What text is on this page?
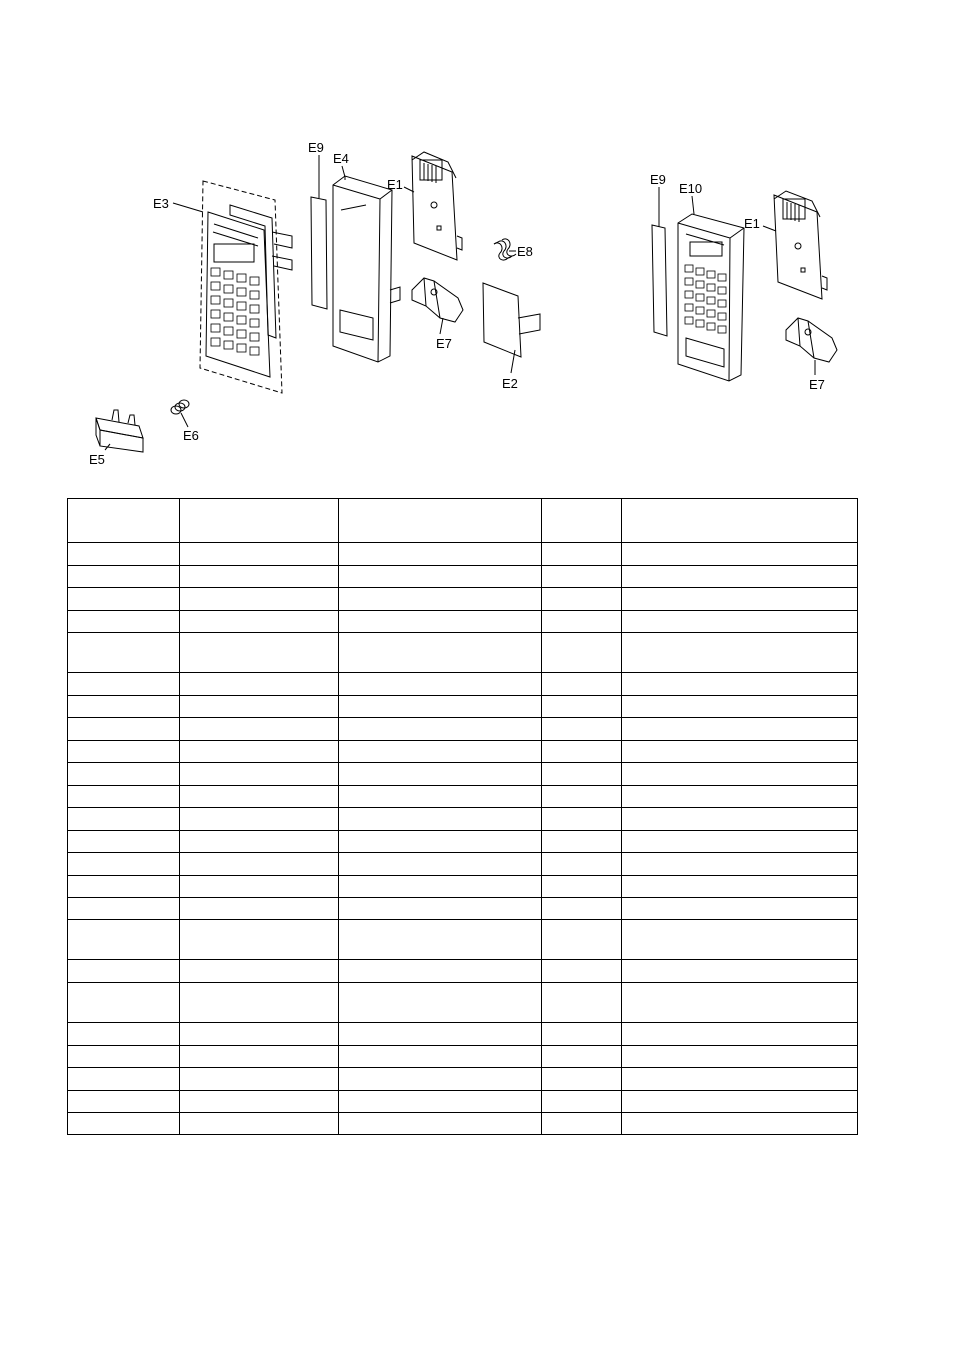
E3
E9
E4
E1
E8
E7
E2
E5
E6
E9
E10
E1
E7
